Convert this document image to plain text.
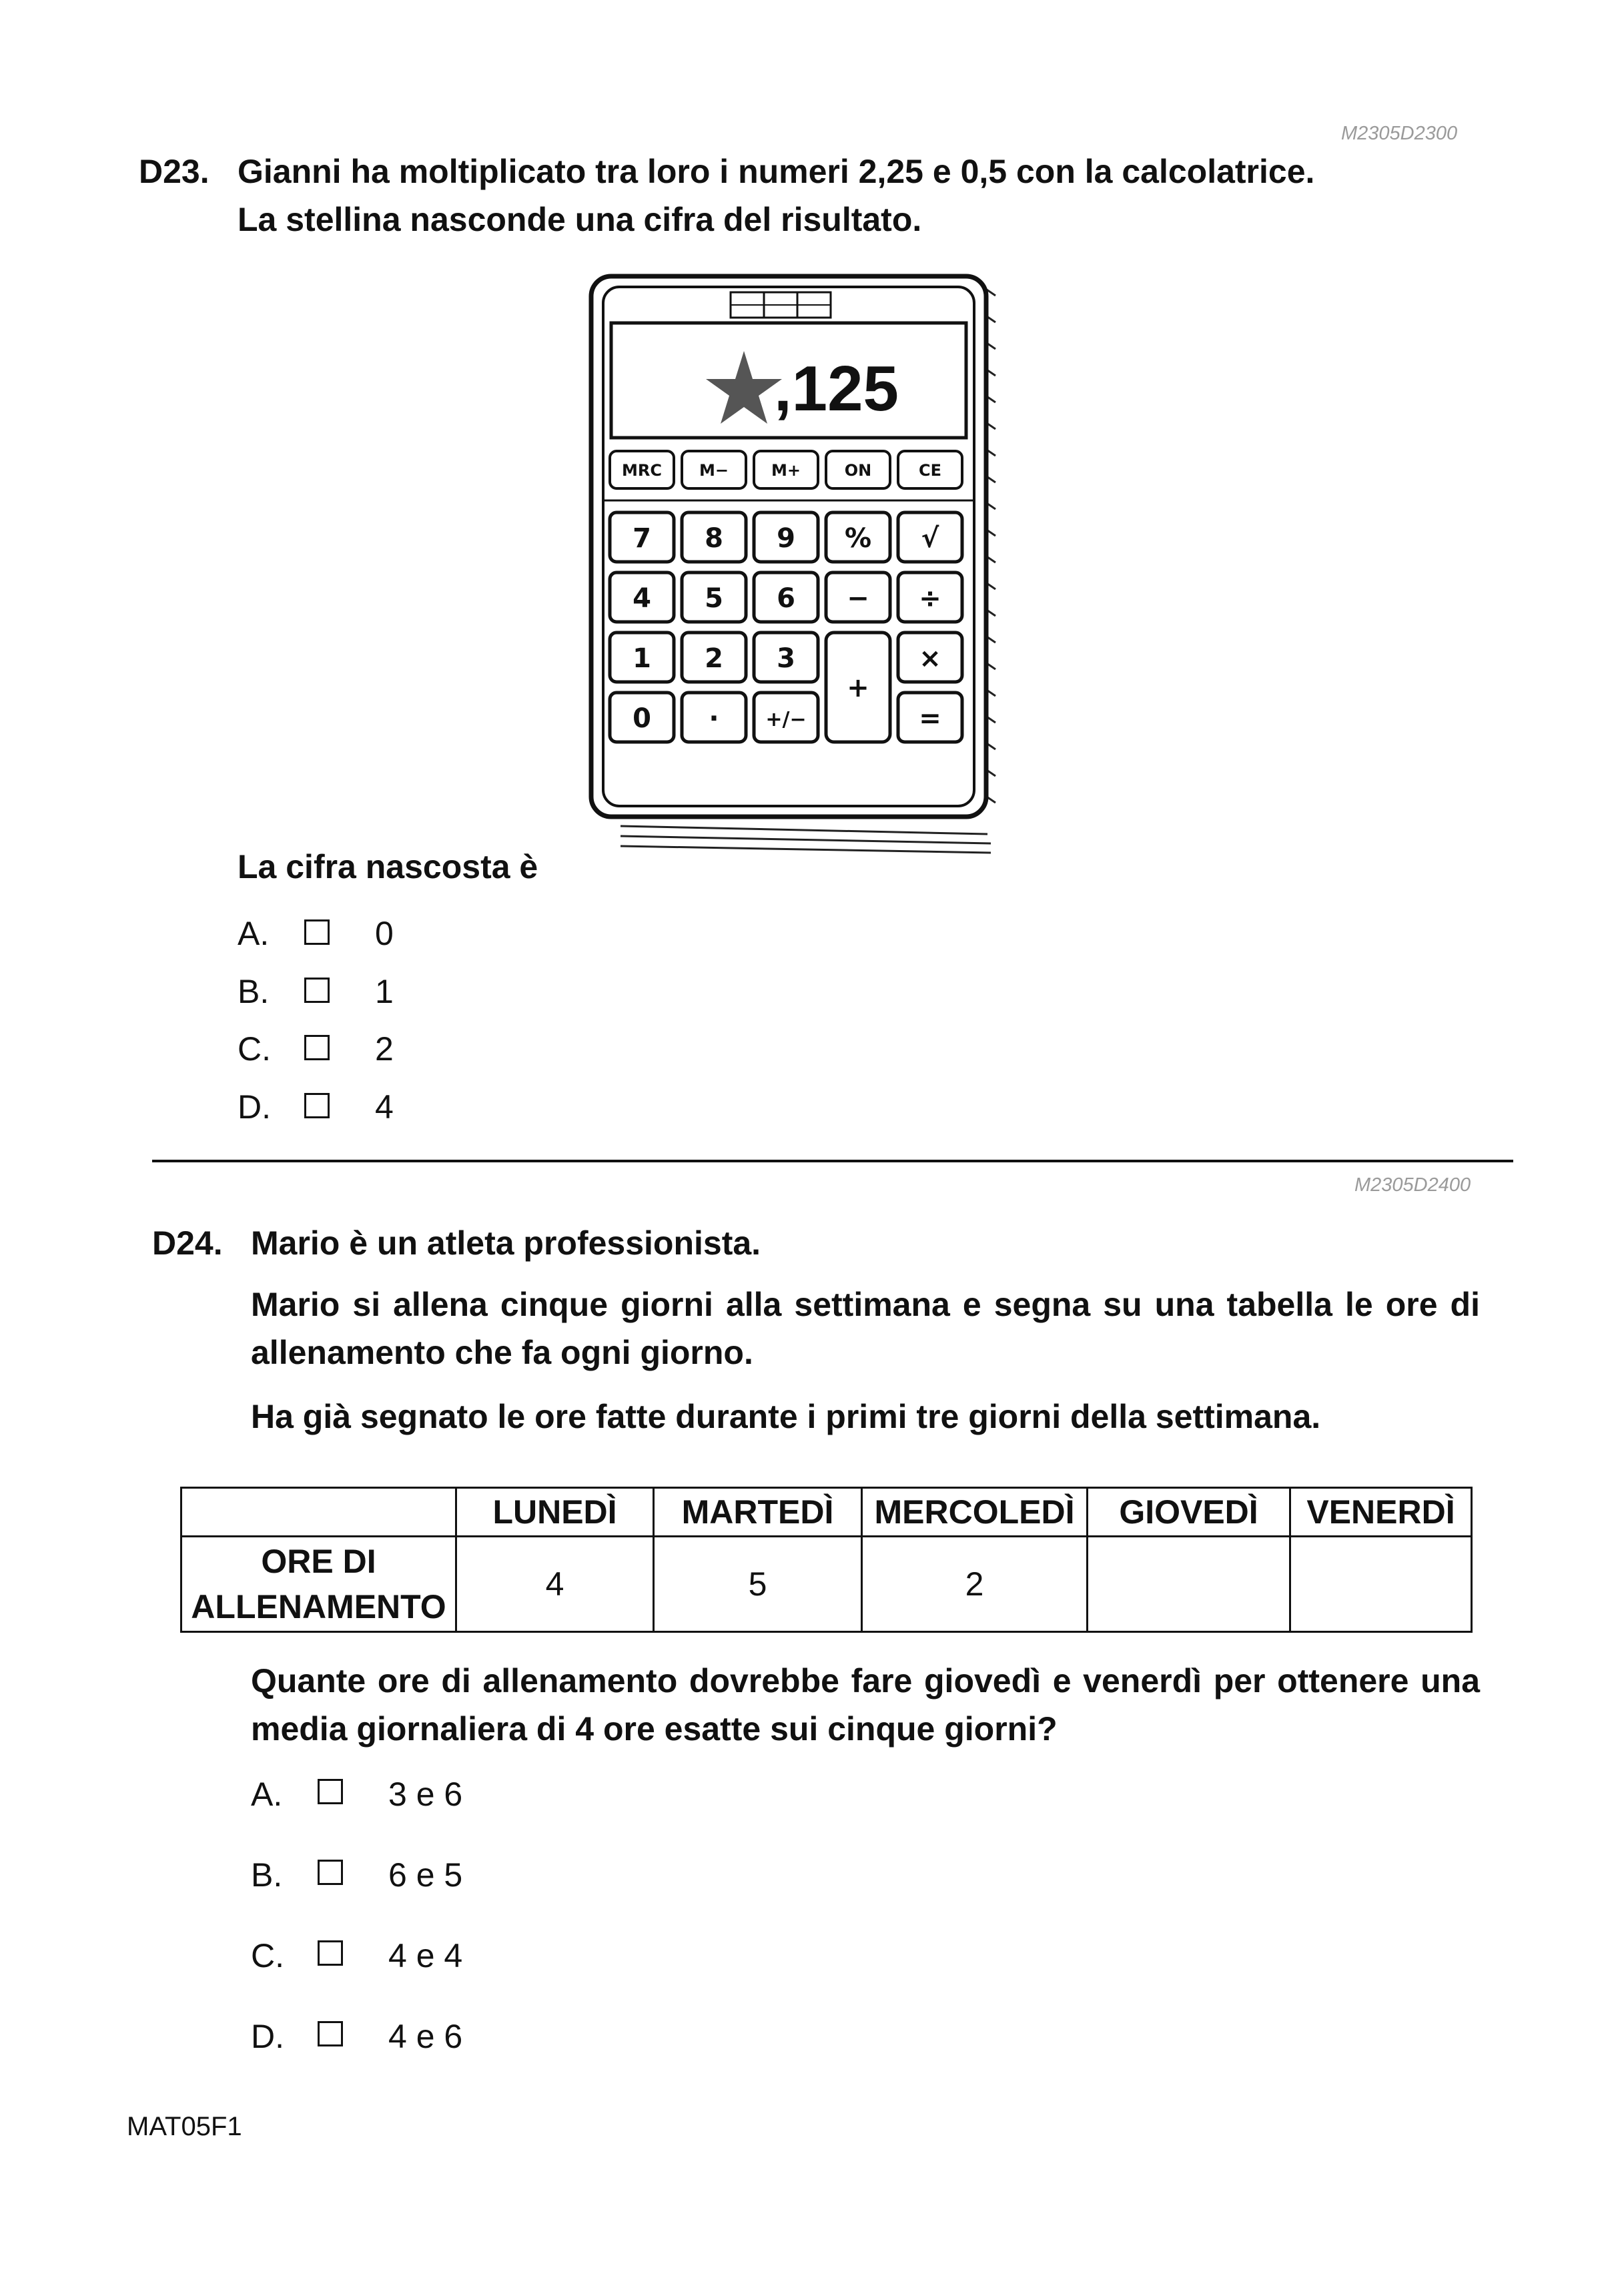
M2305D2300
D23. Gianni ha moltiplicato tra loro i numeri 2,25 e 0,5 con la calcolatrice.
La stellina nasconde una cifra del risultato.
,125
MRC M−	M+	ON	CE
7 8 9 % √
4 5 6 − ÷
1 2 3	×
+
0 · +/−	=
La cifra nascosta è
A.	0
B.	1
C.	2
D.	4
M2305D2400
D24. Mario è un atleta professionista.
Mario si allena cinque giorni alla settimana e segna su una tabella le ore di
allenamento che fa ogni giorno.
Ha già segnato le ore fatte durante i primi tre giorni della settimana.
	LUNEDÌ	MARTEDÌ	MERCOLEDÌ	GIOVEDÌ	VENERDÌ

ORE DI
ALLENAMENTO	4	5	2		
Quante ore di allenamento dovrebbe fare giovedì e venerdì per ottenere una
media giornaliera di 4 ore esatte sui cinque giorni?
A.	3 e 6
B.	6 e 5
C.	4 e 4
D.	4 e 6
MAT05F1
